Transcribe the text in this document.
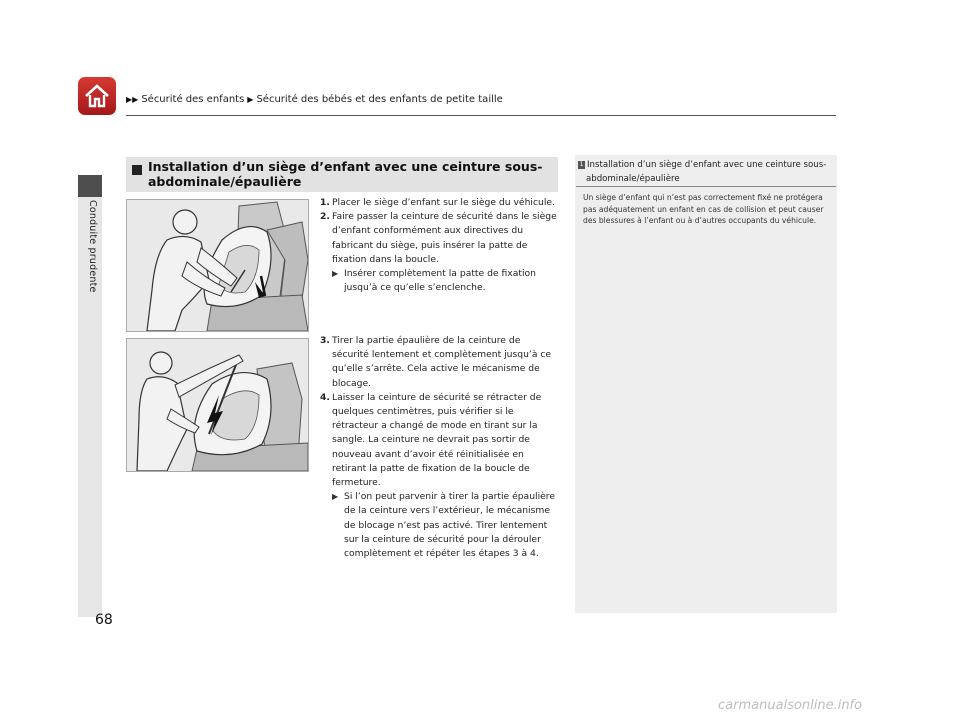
▶▶ Sécurité des enfants ▶ Sécurité des bébés et des enfants de petite taille
Conduite prudente
Installation d’un siège d’enfant avec une ceinture sous-
abdominale/épaulière
1. Placer le siège d’enfant sur le siège du véhicule.
2. Faire passer la ceinture de sécurité dans le siège d’enfant conformément aux directives du fabricant du siège, puis insérer la patte de fixation dans la boucle.
▶ Insérer complètement la patte de fixation jusqu’à ce qu’elle s’enclenche.
3. Tirer la partie épaulière de la ceinture de sécurité lentement et complètement jusqu’à ce qu’elle s’arrête. Cela active le mécanisme de blocage.
4. Laisser la ceinture de sécurité se rétracter de quelques centimètres, puis vérifier si le rétracteur a changé de mode en tirant sur la sangle. La ceinture ne devrait pas sortir de nouveau avant d’avoir été réinitialisée en retirant la patte de fixation de la boucle de fermeture.
▶ Si l’on peut parvenir à tirer la partie épaulière de la ceinture vers l’extérieur, le mécanisme de blocage n’est pas activé. Tirer lentement sur la ceinture de sécurité pour la dérouler complètement et répéter les étapes 3 à 4.
1 Installation d’un siège d’enfant avec une ceinture sous-
abdominale/épaulière
Un siège d’enfant qui n’est pas correctement fixé ne protégera pas adéquatement un enfant en cas de collision et peut causer des blessures à l’enfant ou à d’autres occupants du véhicule.
68
carmanualsonline.info
